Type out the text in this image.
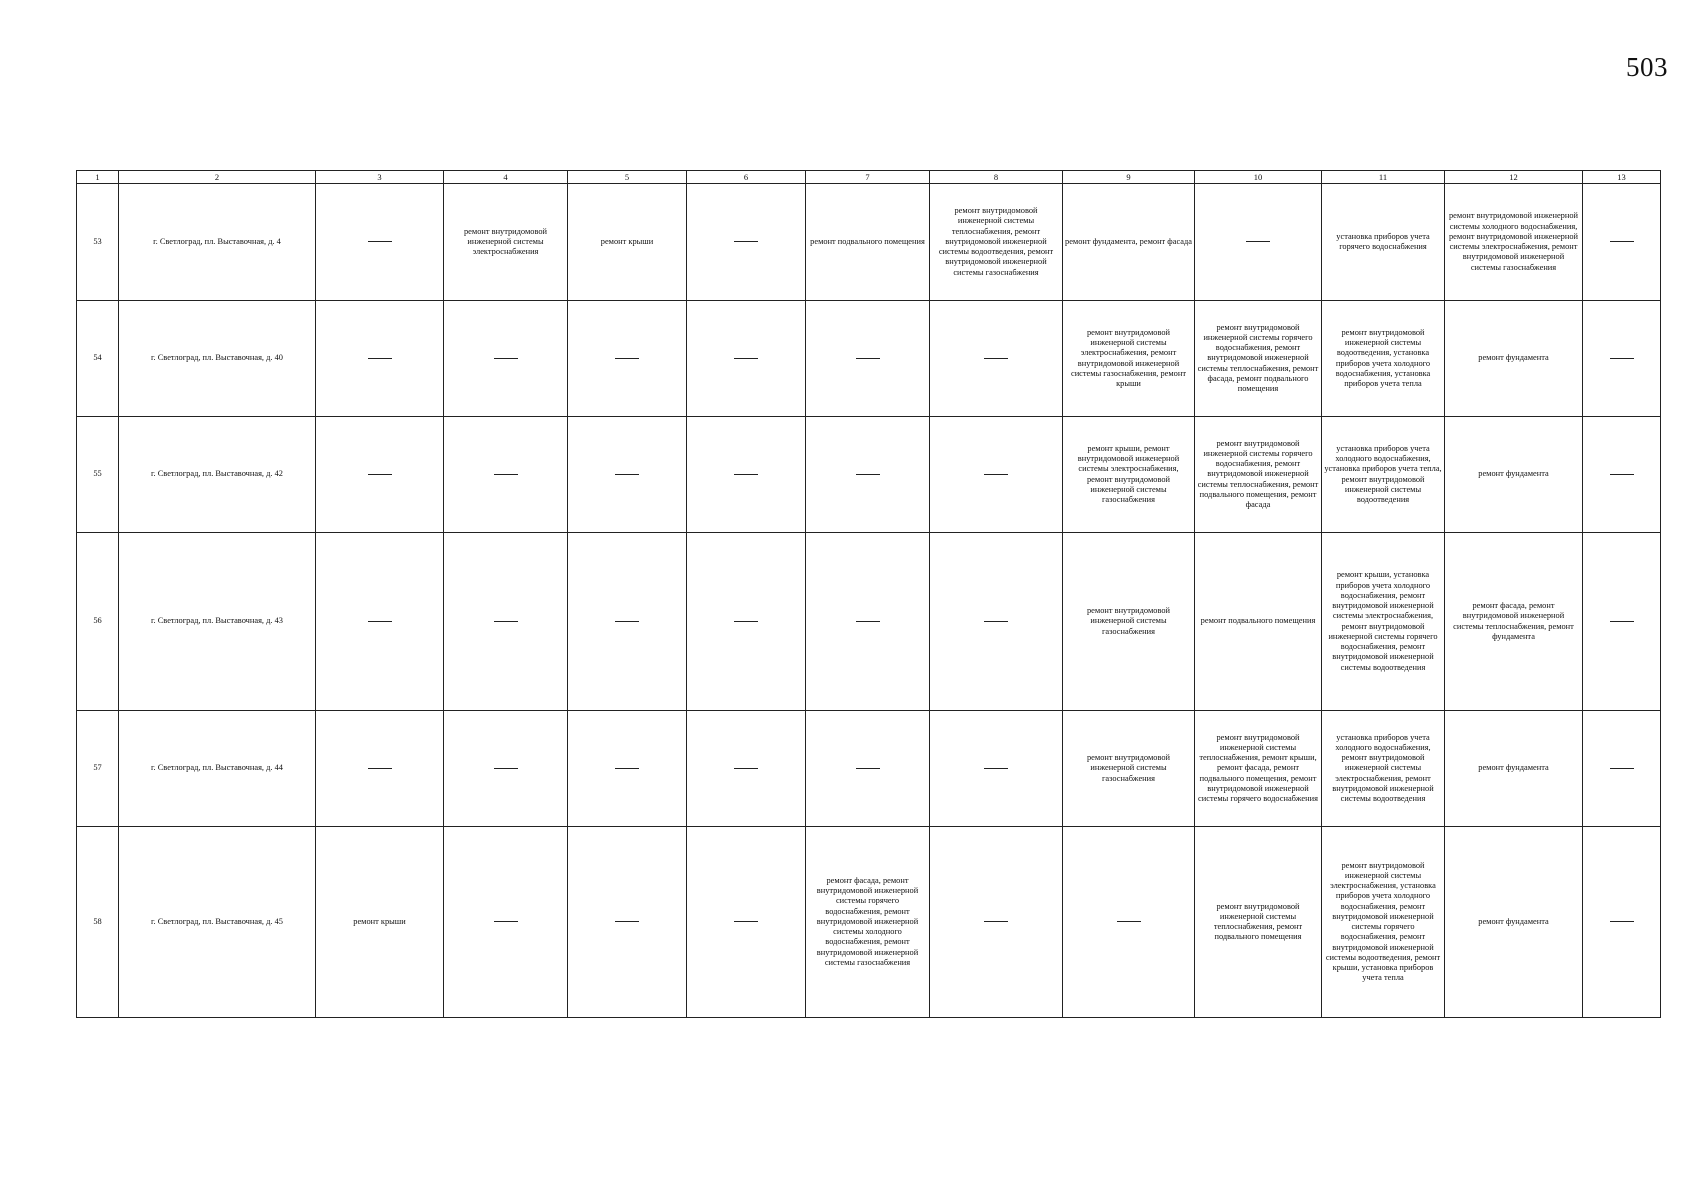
503
1	2	3	4	5	6	7	8	9	10	11	12	13
53	г. Светлоград, пл. Выставочная, д. 4		ремонт внутридомовой инженерной системы электроснабжения	ремонт крыши		ремонт подвального помещения	ремонт внутридомовой инженерной системы теплоснабжения, ремонт внутридомовой инженерной системы водоотведения, ремонт внутридомовой инженерной системы газоснабжения	ремонт фундамента, ремонт фасада		установка приборов учета горячего водоснабжения	ремонт внутридомовой инженерной системы холодного водоснабжения, ремонт внутридомовой инженерной системы электроснабжения, ремонт внутридомовой инженерной системы газоснабжения	
54	г. Светлоград, пл. Выставочная, д. 40							ремонт внутридомовой инженерной системы электроснабжения, ремонт внутридомовой инженерной системы газоснабжения, ремонт крыши	ремонт внутридомовой инженерной системы горячего водоснабжения, ремонт внутридомовой инженерной системы теплоснабжения, ремонт фасада, ремонт подвального помещения	ремонт внутридомовой инженерной системы водоотведения, установка приборов учета холодного водоснабжения, установка приборов учета тепла	ремонт фундамента	
55	г. Светлоград, пл. Выставочная, д. 42							ремонт крыши, ремонт внутридомовой инженерной системы электроснабжения, ремонт внутридомовой инженерной системы газоснабжения	ремонт внутридомовой инженерной системы горячего водоснабжения, ремонт внутридомовой инженерной системы теплоснабжения, ремонт подвального помещения, ремонт фасада	установка приборов учета холодного водоснабжения, установка приборов учета тепла, ремонт внутридомовой инженерной системы водоотведения	ремонт фундамента	
56	г. Светлоград, пл. Выставочная, д. 43							ремонт внутридомовой инженерной системы газоснабжения	ремонт подвального помещения	ремонт крыши, установка приборов учета холодного водоснабжения, ремонт внутридомовой инженерной системы электроснабжения, ремонт внутридомовой инженерной системы горячего водоснабжения, ремонт внутридомовой инженерной системы водоотведения	ремонт фасада, ремонт внутридомовой инженерной системы теплоснабжения, ремонт фундамента	
57	г. Светлоград, пл. Выставочная, д. 44							ремонт внутридомовой инженерной системы газоснабжения	ремонт внутридомовой инженерной системы теплоснабжения, ремонт крыши, ремонт фасада, ремонт подвального помещения, ремонт внутридомовой инженерной системы горячего водоснабжения	установка приборов учета холодного водоснабжения, ремонт внутридомовой инженерной системы электроснабжения, ремонт внутридомовой инженерной системы водоотведения	ремонт фундамента	
58	г. Светлоград, пл. Выставочная, д. 45	ремонт крыши				ремонт фасада, ремонт внутридомовой инженерной системы горячего водоснабжения, ремонт внутридомовой инженерной системы холодного водоснабжения, ремонт внутридомовой инженерной системы газоснабжения			ремонт внутридомовой инженерной системы теплоснабжения, ремонт подвального помещения	ремонт внутридомовой инженерной системы электроснабжения, установка приборов учета холодного водоснабжения, ремонт внутридомовой инженерной системы горячего водоснабжения, ремонт внутридомовой инженерной системы водоотведения, ремонт крыши, установка приборов учета тепла	ремонт фундамента	
